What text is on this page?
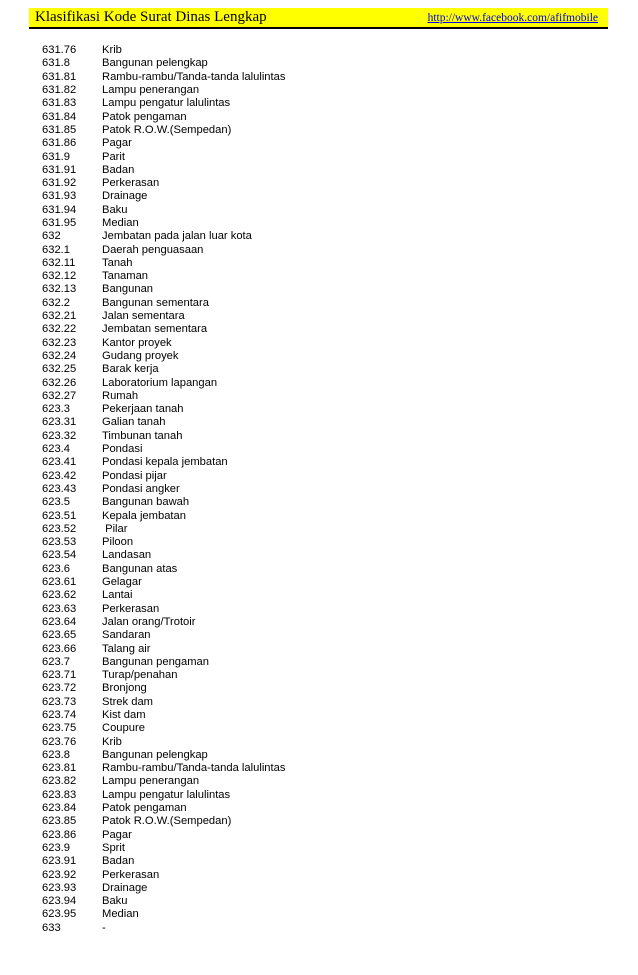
Klasifikasi Kode Surat Dinas Lengkap	http://www.facebook.com/afifmobile
631.76	Krib
631.8	Bangunan pelengkap
631.81	Rambu-rambu/Tanda-tanda lalulintas
631.82	Lampu penerangan
631.83	Lampu pengatur lalulintas
631.84	Patok pengaman
631.85	Patok R.O.W.(Sempedan)
631.86	Pagar
631.9	Parit
631.91	Badan
631.92	Perkerasan
631.93	Drainage
631.94	Baku
631.95	Median
632	Jembatan pada jalan luar kota
632.1	Daerah penguasaan
632.11	Tanah
632.12	Tanaman
632.13	Bangunan
632.2	Bangunan sementara
632.21	Jalan sementara
632.22	Jembatan sementara
632.23	Kantor proyek
632.24	Gudang proyek
632.25	Barak kerja
632.26	Laboratorium lapangan
632.27	Rumah
623.3	Pekerjaan tanah
623.31	Galian tanah
623.32	Timbunan tanah
623.4	Pondasi
623.41	Pondasi kepala jembatan
623.42	Pondasi pijar
623.43	Pondasi angker
623.5	Bangunan bawah
623.51	Kepala jembatan
623.52	Pilar
623.53	Piloon
623.54	Landasan
623.6	Bangunan atas
623.61	Gelagar
623.62	Lantai
623.63	Perkerasan
623.64	Jalan orang/Trotoir
623.65	Sandaran
623.66	Talang air
623.7	Bangunan pengaman
623.71	Turap/penahan
623.72	Bronjong
623.73	Strek dam
623.74	Kist dam
623.75	Coupure
623.76	Krib
623.8	Bangunan pelengkap
623.81	Rambu-rambu/Tanda-tanda lalulintas
623.82	Lampu penerangan
623.83	Lampu pengatur lalulintas
623.84	Patok pengaman
623.85	Patok R.O.W.(Sempedan)
623.86	Pagar
623.9	Sprit
623.91	Badan
623.92	Perkerasan
623.93	Drainage
623.94	Baku
623.95	Median
633	-
